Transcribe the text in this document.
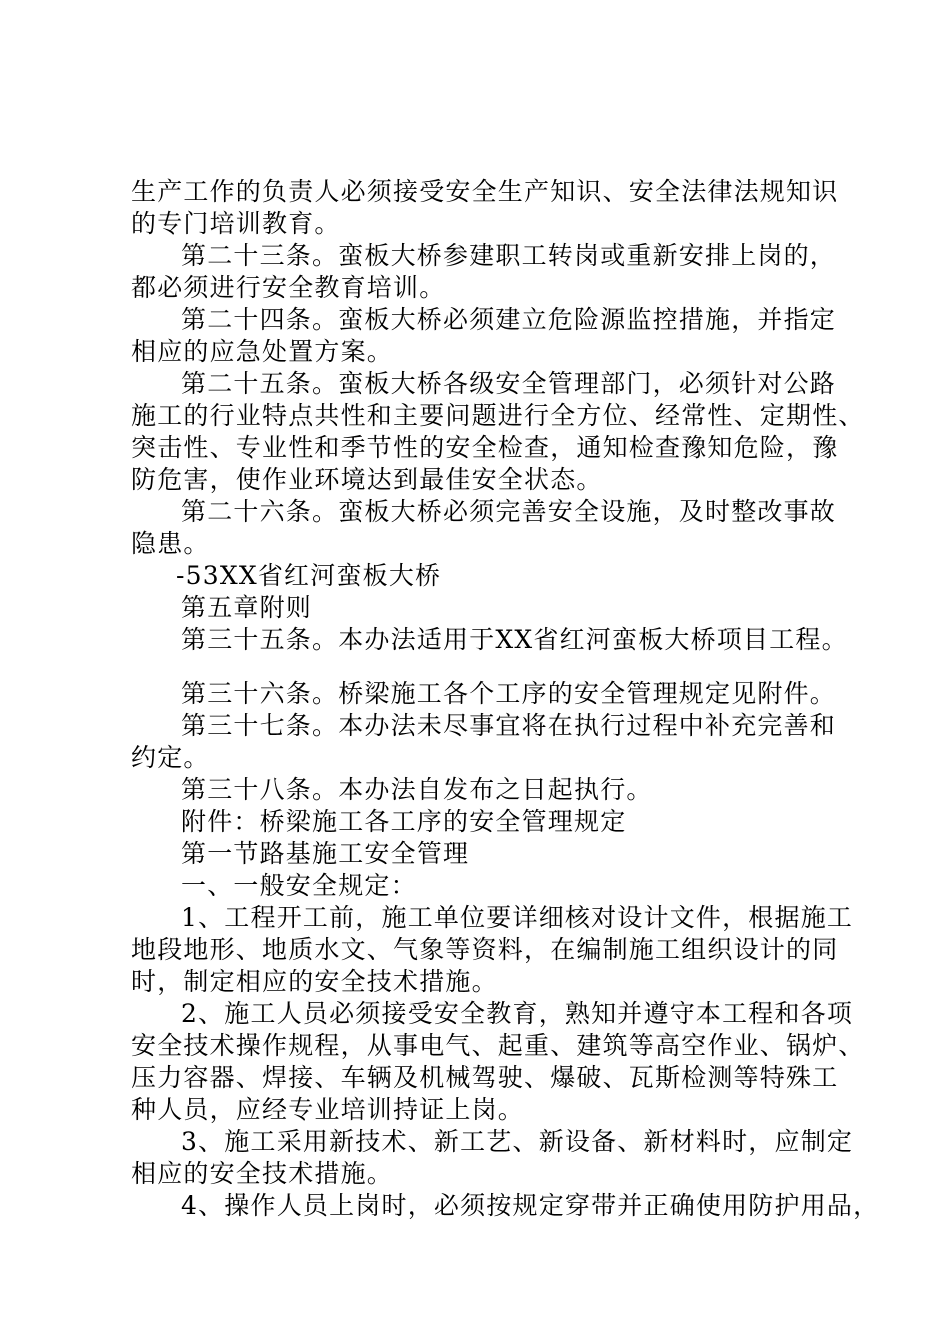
生产工作的负责人必须接受安全生产知识、安全法律法规知识
的专门培训教育。
第二十三条。蛮板大桥参建职工转岗或重新安排上岗的，
都必须进行安全教育培训。
第二十四条。蛮板大桥必须建立危险源监控措施，并指定
相应的应急处置方案。
第二十五条。蛮板大桥各级安全管理部门，必须针对公路
施工的行业特点共性和主要问题进行全方位、经常性、定期性、
突击性、专业性和季节性的安全检查，通知检查豫知危险，豫
防危害，使作业环境达到最佳安全状态。
第二十六条。蛮板大桥必须完善安全设施，及时整改事故
隐患。
-53XX省红河蛮板大桥
第五章附则
第三十五条。本办法适用于XX省红河蛮板大桥项目工程。
第三十六条。桥梁施工各个工序的安全管理规定见附件。
第三十七条。本办法未尽事宜将在执行过程中补充完善和
约定。
第三十八条。本办法自发布之日起执行。
附件：桥梁施工各工序的安全管理规定
第一节路基施工安全管理
一、一般安全规定：
1、工程开工前，施工单位要详细核对设计文件，根据施工
地段地形、地质水文、气象等资料，在编制施工组织设计的同
时，制定相应的安全技术措施。
2、施工人员必须接受安全教育，熟知并遵守本工程和各项
安全技术操作规程，从事电气、起重、建筑等高空作业、锅炉、
压力容器、焊接、车辆及机械驾驶、爆破、瓦斯检测等特殊工
种人员，应经专业培训持证上岗。
3、施工采用新技术、新工艺、新设备、新材料时，应制定
相应的安全技术措施。
4、操作人员上岗时，必须按规定穿带并正确使用防护用品，
